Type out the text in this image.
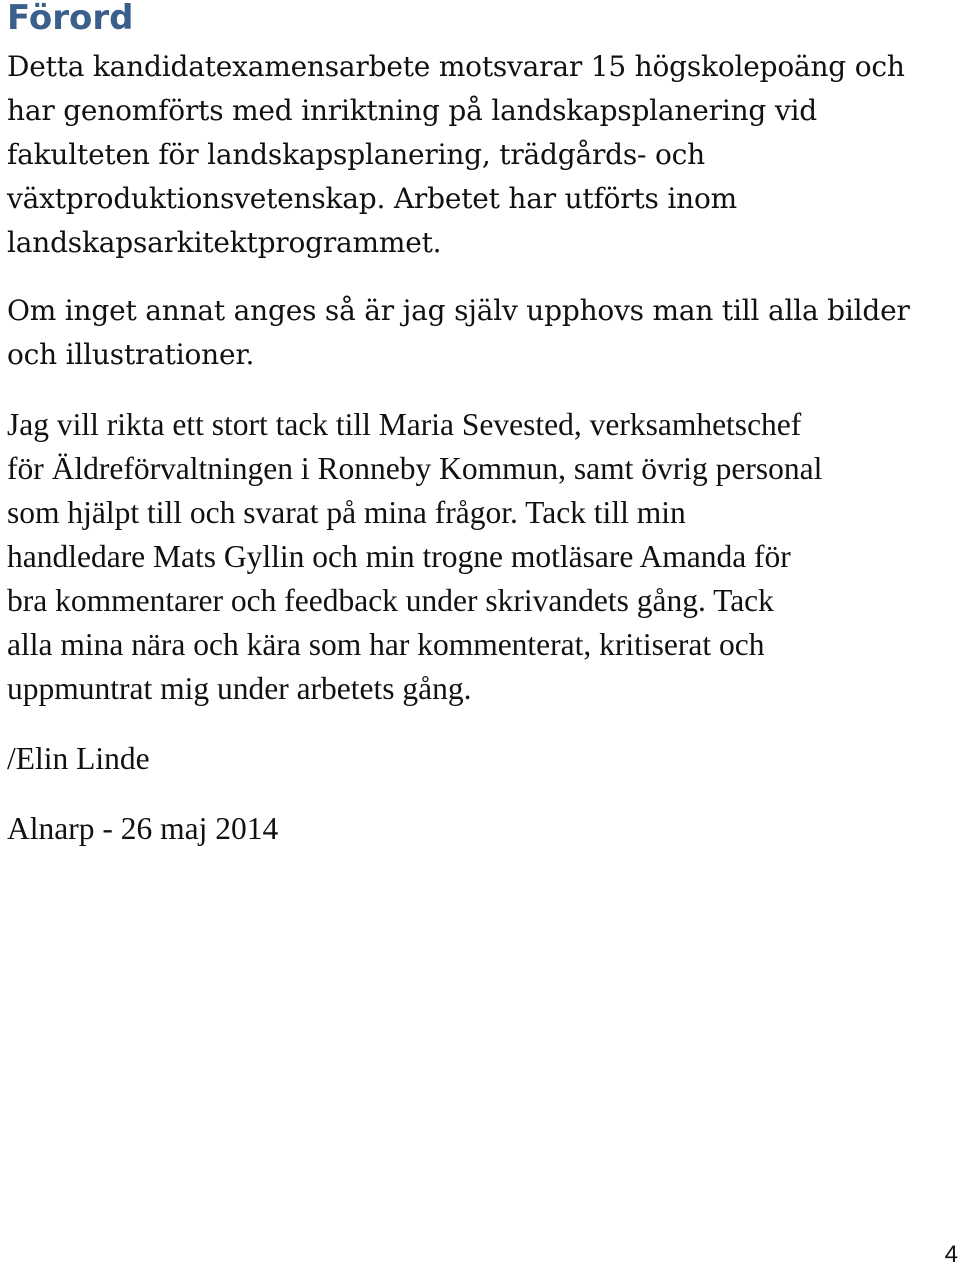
Förord

Detta kandidatexamensarbete motsvarar 15 högskolepoäng och
har genomförts med inriktning på landskapsplanering vid
fakulteten för landskapsplanering, trädgårds- och
växtproduktionsvetenskap. Arbetet har utförts inom
landskapsarkitektprogrammet.

Om inget annat anges så är jag själv upphovs man till alla bilder
och illustrationer.

Jag vill rikta ett stort tack till Maria Sevested, verksamhetschef
för Äldreförvaltningen i Ronneby Kommun, samt övrig personal
som hjälpt till och svarat på mina frågor. Tack till min
handledare Mats Gyllin och min trogne motläsare Amanda för
bra kommentarer och feedback under skrivandets gång. Tack
alla mina nära och kära som har kommenterat, kritiserat och
uppmuntrat mig under arbetets gång.

/Elin Linde

Alnarp - 26 maj 2014

4
